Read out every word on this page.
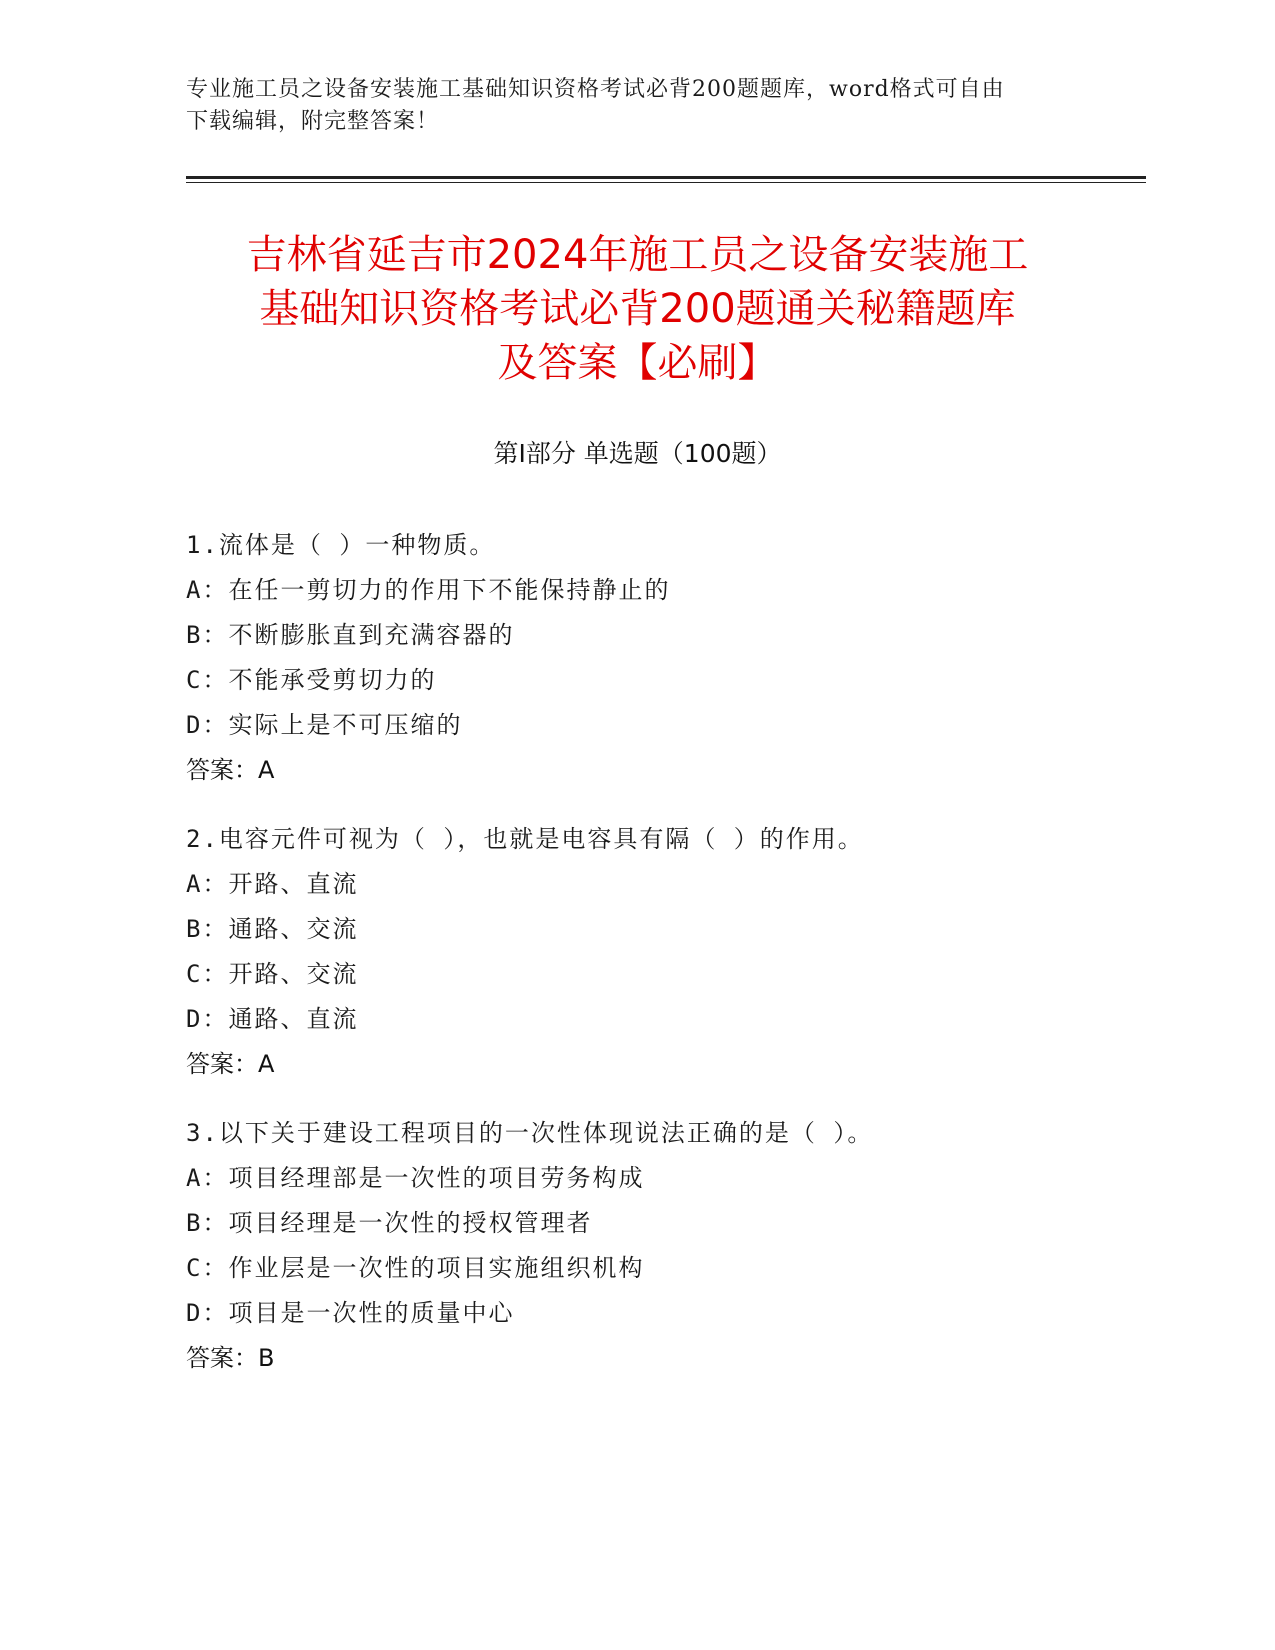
专业施工员之设备安装施工基础知识资格考试必背200题题库，word格式可自由
下载编辑，附完整答案！
吉林省延吉市2024年施工员之设备安装施工
基础知识资格考试必背200题通关秘籍题库
及答案【必刷】
第Ⅰ部分 单选题（100题）
1.流体是（ ）一种物质。
A：在任一剪切力的作用下不能保持静止的
B：不断膨胀直到充满容器的
C：不能承受剪切力的
D：实际上是不可压缩的
答案：A
2.电容元件可视为（ ），也就是电容具有隔（ ）的作用。
A：开路、直流
B：通路、交流
C：开路、交流
D：通路、直流
答案：A
3.以下关于建设工程项目的一次性体现说法正确的是（ ）。
A：项目经理部是一次性的项目劳务构成
B：项目经理是一次性的授权管理者
C：作业层是一次性的项目实施组织机构
D：项目是一次性的质量中心
答案：B
